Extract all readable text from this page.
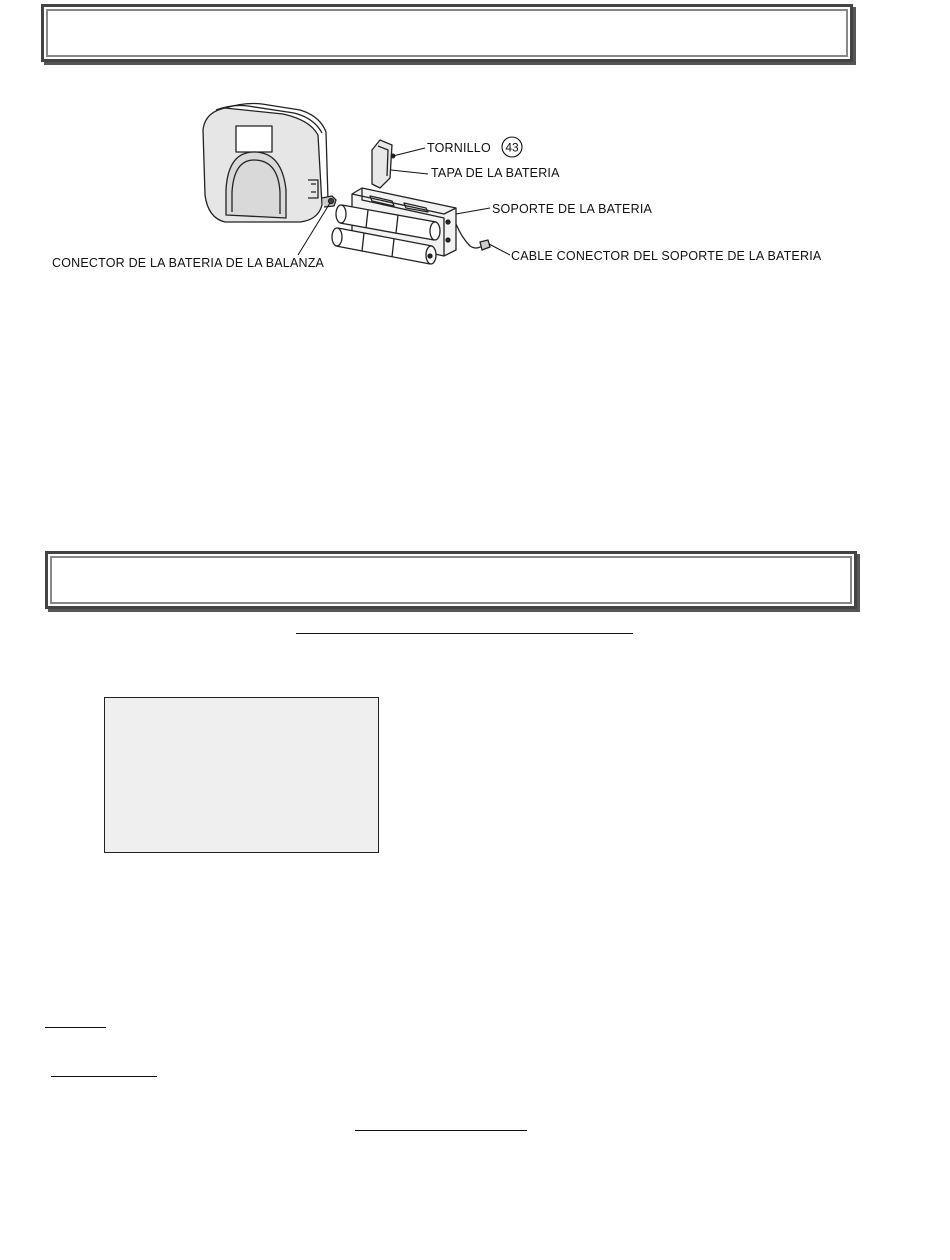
43
TORNILLO
TAPA DE LA BATERIA
SOPORTE DE LA BATERIA
CABLE CONECTOR DEL SOPORTE DE LA BATERIA
CONECTOR DE LA BATERIA DE LA BALANZA
